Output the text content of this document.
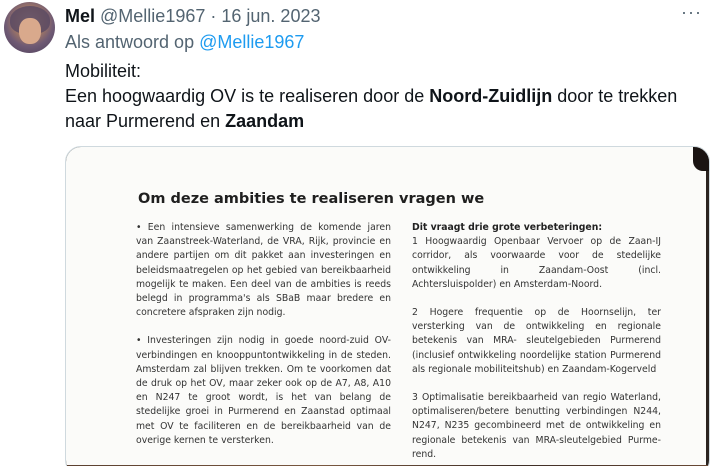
Mel @Mellie1967 · 16 jun. 2023	···
Als antwoord op @Mellie1967
Mobiliteit:
Een hoogwaardig OV is te realiseren door de Noord-Zuidlijn door te trekken
naar Purmerend en Zaandam
Om deze ambities te realiseren vragen we

• Een intensieve samenwerking de komende jaren van Zaanstreek-Waterland, de VRA, Rijk, provincie en andere partijen om dit pakket aan investeringen en beleidsmaatregelen op het gebied van bereikbaarheid mogelijk te maken. Een deel van de ambities is reeds belegd in programma's als SBaB maar bredere en concretere afspraken zijn nodig.

• Investeringen zijn nodig in goede noord-zuid OV-verbindingen en knooppuntontwikkeling in de steden. Amsterdam zal blijven trekken. Om te voorkomen dat de druk op het OV, maar zeker ook op de A7, A8, A10 en N247 te groot wordt, is het van belang de stedelijke groei in Purmerend en Zaanstad optimaal met OV te faciliteren en de bereikbaarheid van de overige kernen te versterken.

Dit vraagt drie grote verbeteringen:

1 Hoogwaardig Openbaar Vervoer op de Zaan-IJ corridor, als voorwaarde voor de stedelijke ontwikkeling in Zaandam-Oost (incl. Achtersluispolder) en Amsterdam-Noord.

2 Hogere frequentie op de Hoornselijn, ter versterking van de ontwikkeling en regionale betekenis van MRA- sleutelgebieden Purmerend (inclusief ontwikkeling noordelijke station Purmerend als regionale mobiliteitshub) en Zaandam-Kogerveld

3 Optimalisatie bereikbaarheid van regio Waterland, optimaliseren/betere benutting verbindingen N244, N247, N235 gecombineerd met de ontwikkeling en regionale betekenis van MRA-sleutelgebied Purme-rend.
